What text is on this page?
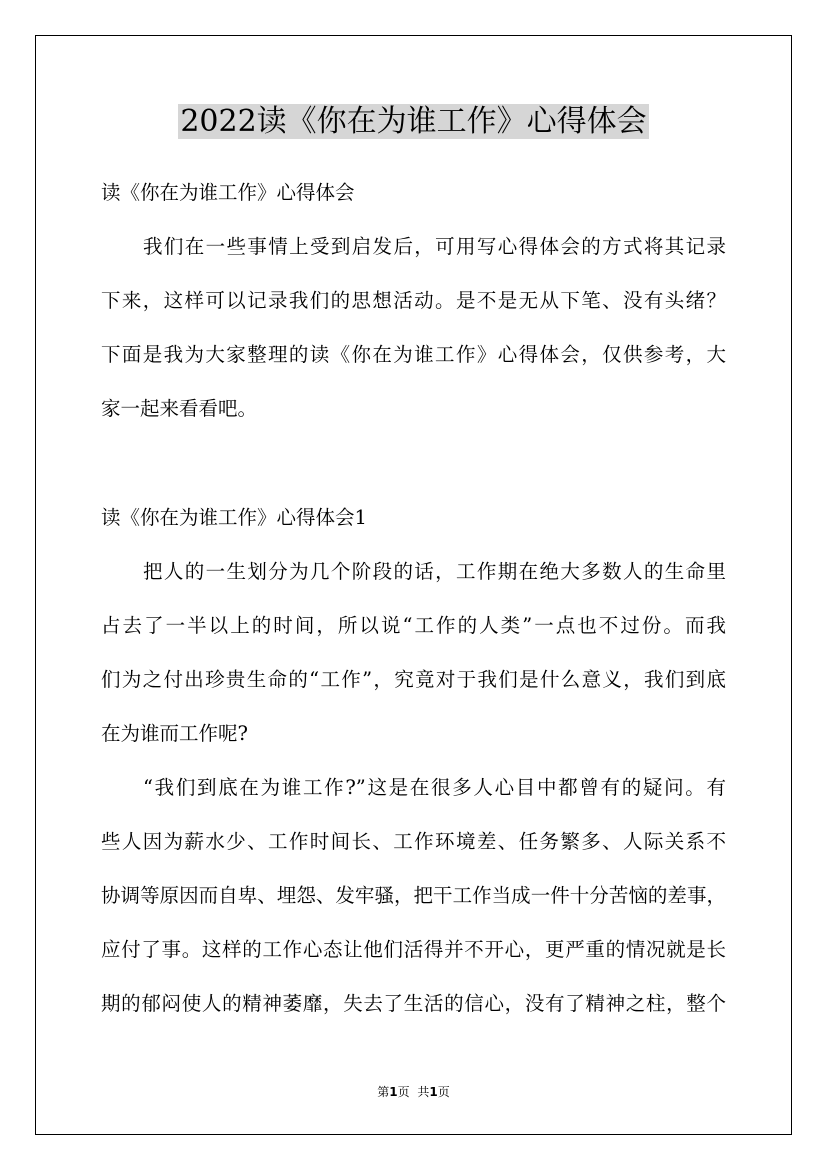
2022读《你在为谁工作》心得体会
读《你在为谁工作》心得体会
我们在一些事情上受到启发后，可用写心得体会的方式将其记录
下来，这样可以记录我们的思想活动。是不是无从下笔、没有头绪？
下面是我为大家整理的读《你在为谁工作》心得体会，仅供参考，大
家一起来看看吧。
读《你在为谁工作》心得体会1
把人的一生划分为几个阶段的话，工作期在绝大多数人的生命里
占去了一半以上的时间，所以说“工作的人类”一点也不过份。而我
们为之付出珍贵生命的“工作”，究竟对于我们是什么意义，我们到底
在为谁而工作呢?
“我们到底在为谁工作?”这是在很多人心目中都曾有的疑问。有
些人因为薪水少、工作时间长、工作环境差、任务繁多、人际关系不
协调等原因而自卑、埋怨、发牢骚，把干工作当成一件十分苦恼的差事，
应付了事。这样的工作心态让他们活得并不开心，更严重的情况就是长
期的郁闷使人的精神萎靡，失去了生活的信心，没有了精神之柱，整个
第1页 共1页
